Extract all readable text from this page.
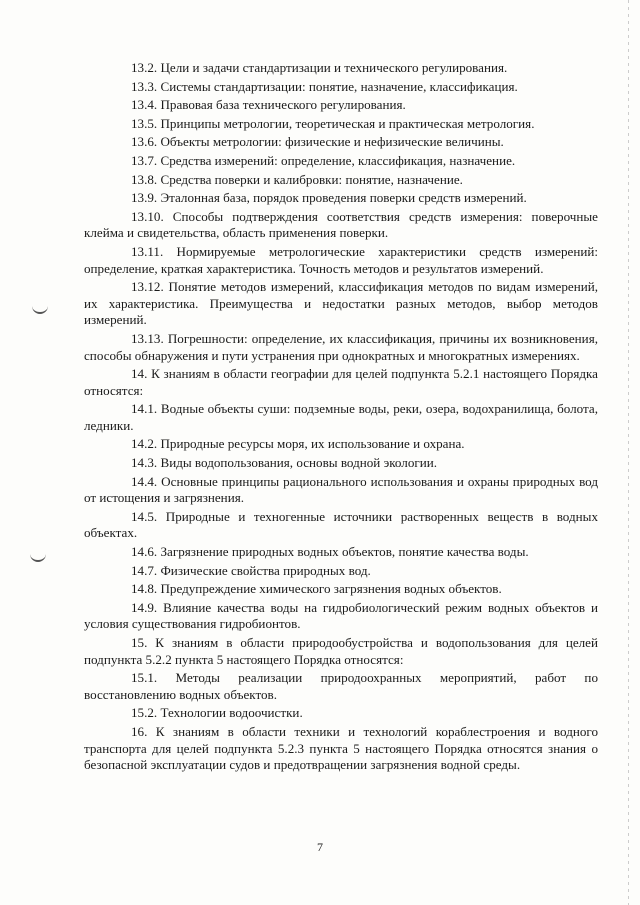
13.2. Цели и задачи стандартизации и технического регулирования.

13.3. Системы стандартизации: понятие, назначение, классификация.

13.4. Правовая база технического регулирования.

13.5. Принципы метрологии, теоретическая и практическая метрология.

13.6. Объекты метрологии: физические и нефизические величины.

13.7. Средства измерений: определение, классификация, назначение.

13.8. Средства поверки и калибровки: понятие, назначение.

13.9. Эталонная база, порядок проведения поверки средств измерений.

13.10. Способы подтверждения соответствия средств измерения: поверочные клейма и свидетельства, область применения поверки.

13.11. Нормируемые метрологические характеристики средств измерений: определение, краткая характеристика. Точность методов и результатов измерений.

13.12. Понятие методов измерений, классификация методов по видам измерений, их характеристика. Преимущества и недостатки разных методов, выбор методов измерений.

13.13. Погрешности: определение, их классификация, причины их возникновения, способы обнаружения и пути устранения при однократных и многократных измерениях.

14. К знаниям в области географии для целей подпункта 5.2.1 настоящего Порядка относятся:

14.1. Водные объекты суши: подземные воды, реки, озера, водохранилища, болота, ледники.

14.2. Природные ресурсы моря, их использование и охрана.

14.3. Виды водопользования, основы водной экологии.

14.4. Основные принципы рационального использования и охраны природных вод от истощения и загрязнения.

14.5. Природные и техногенные источники растворенных веществ в водных объектах.

14.6. Загрязнение природных водных объектов, понятие качества воды.

14.7. Физические свойства природных вод.

14.8. Предупреждение химического загрязнения водных объектов.

14.9. Влияние качества воды на гидробиологический режим водных объектов и условия существования гидробионтов.

15. К знаниям в области природообустройства и водопользования для целей подпункта 5.2.2 пункта 5 настоящего Порядка относятся:

15.1. Методы реализации природоохранных мероприятий, работ по восстановлению водных объектов.

15.2. Технологии водоочистки.

16. К знаниям в области техники и технологий кораблестроения и водного транспорта для целей подпункта 5.2.3 пункта 5 настоящего Порядка относятся знания о безопасной эксплуатации судов и предотвращении загрязнения водной среды.

7
